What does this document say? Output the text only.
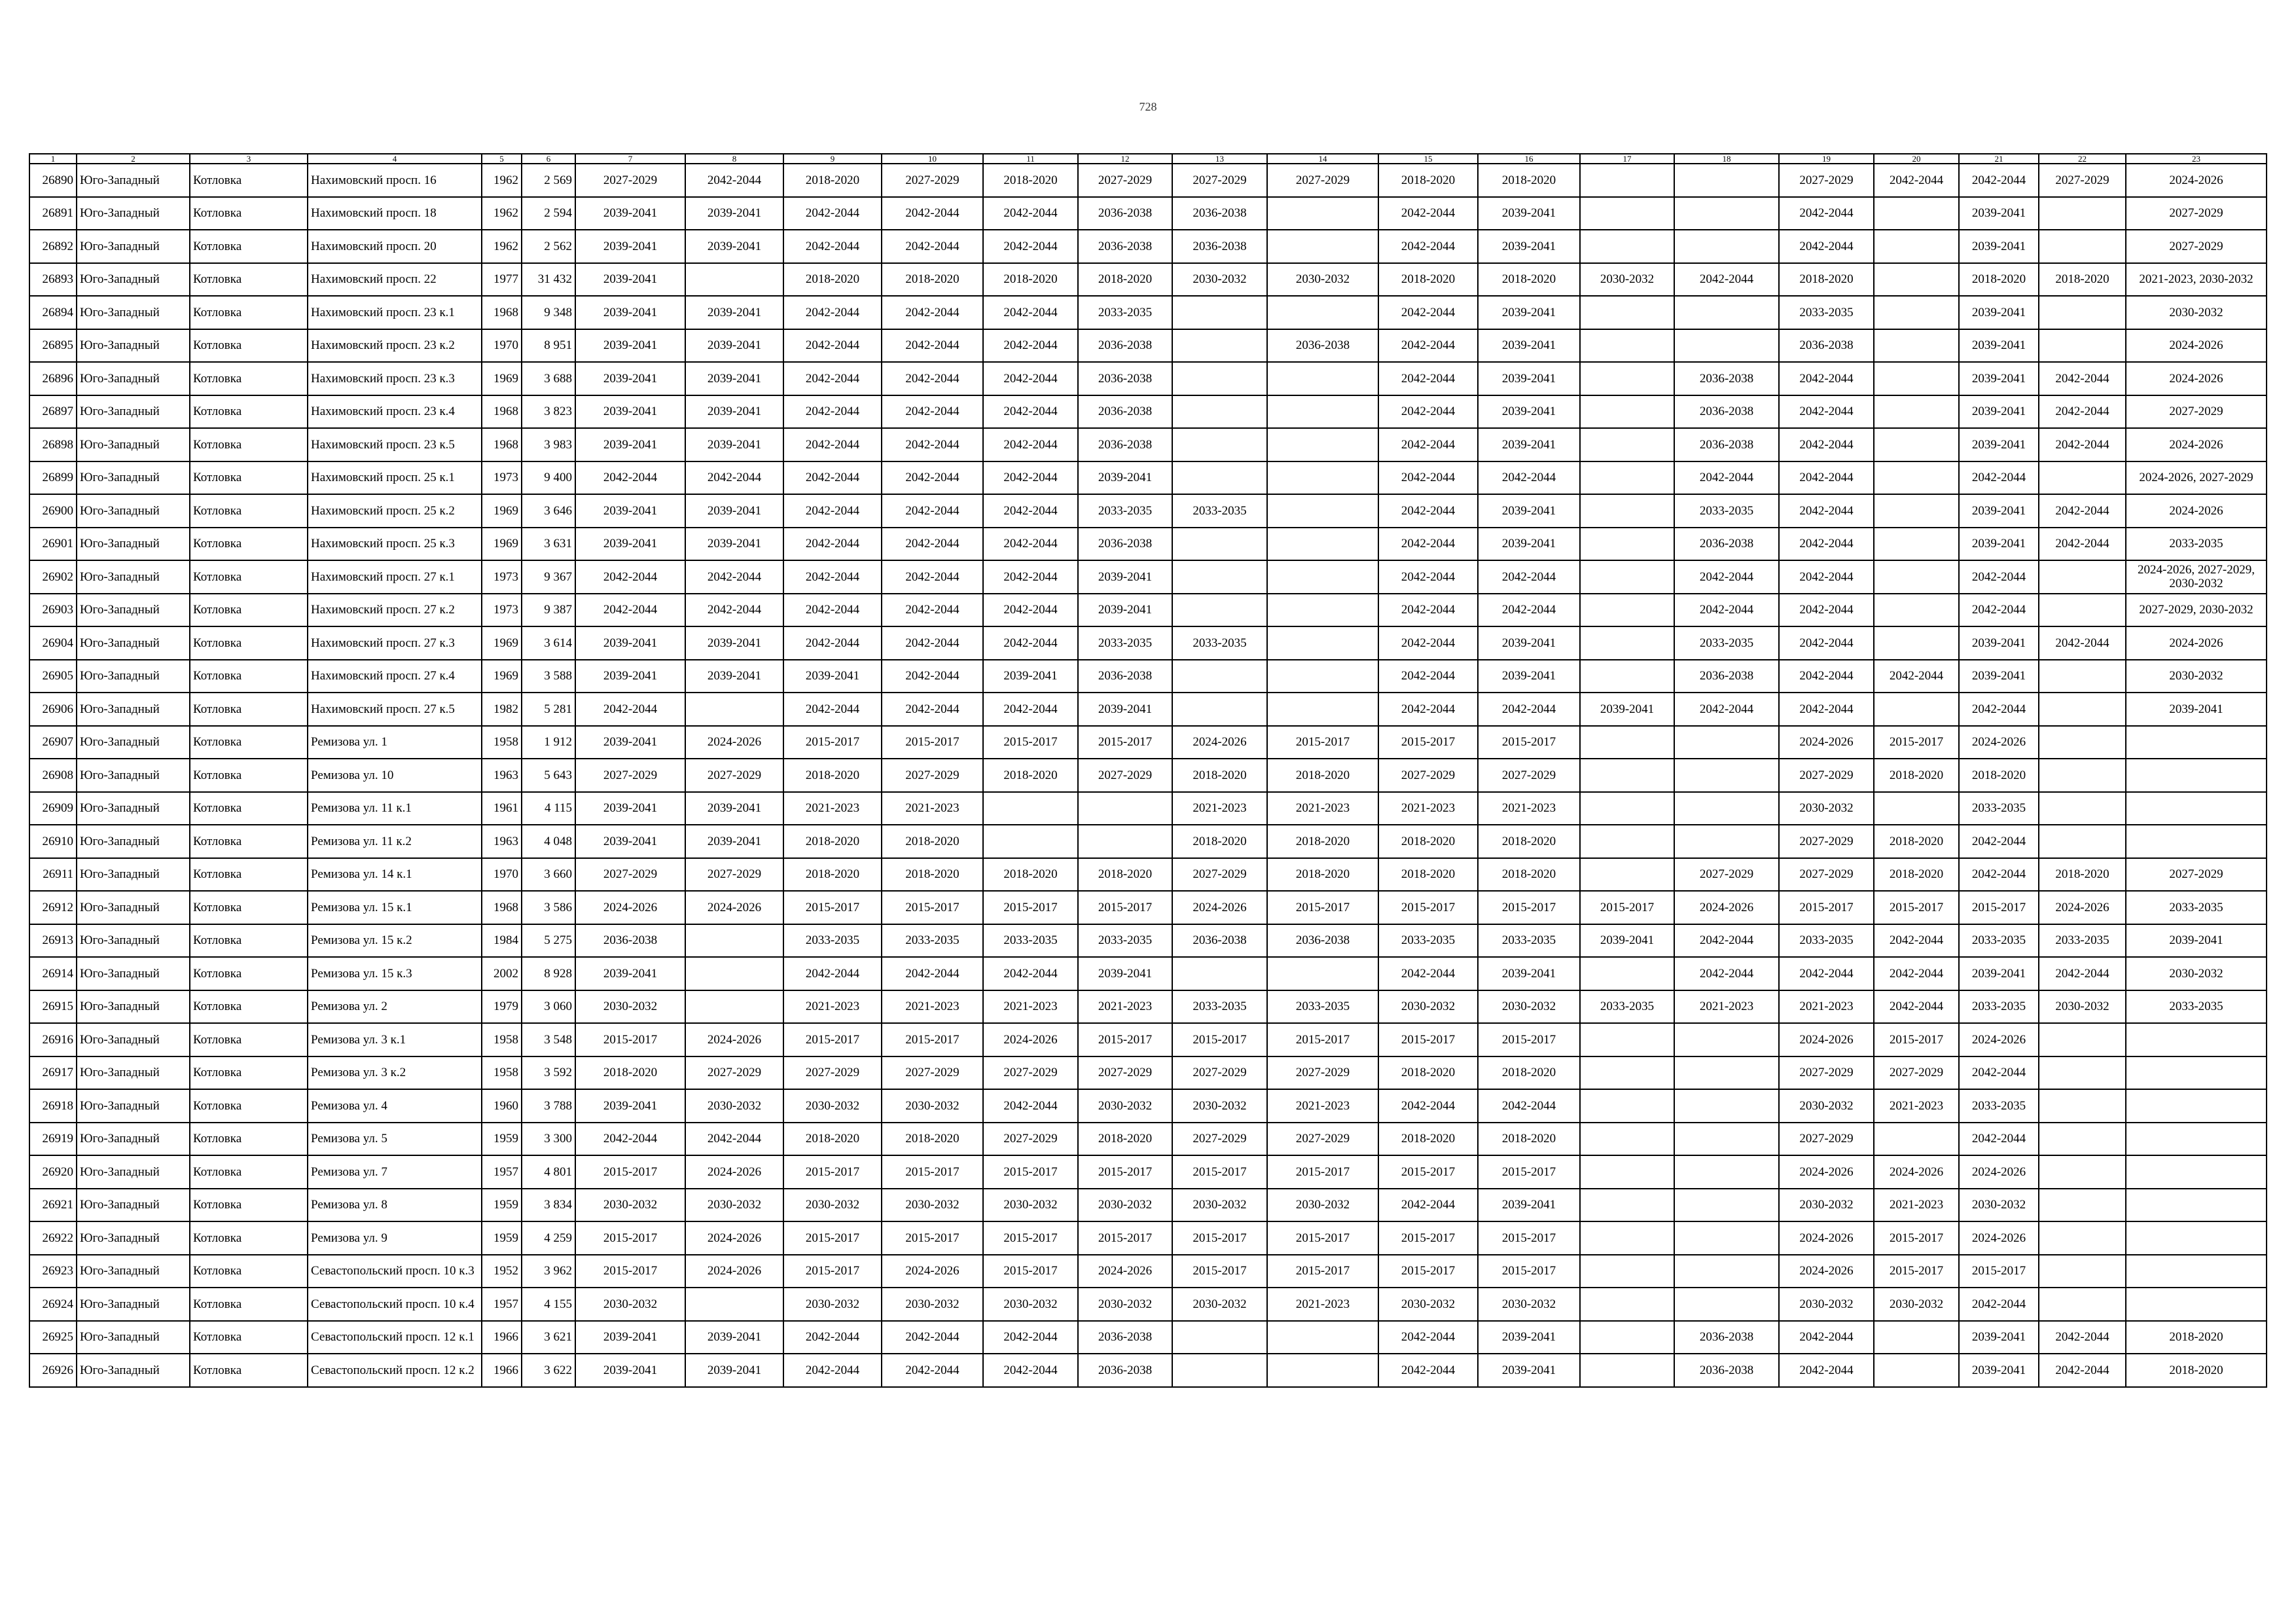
728
1	2	3	4	5	6	7	8	9	10	11	12	13	14	15	16	17	18	19	20	21	22	23
26890	Юго-Западный	Котловка	Нахимовский просп. 16	1962	2 569	2027-2029	2042-2044	2018-2020	2027-2029	2018-2020	2027-2029	2027-2029	2027-2029	2018-2020	2018-2020			2027-2029	2042-2044	2042-2044	2027-2029	2024-2026
26891	Юго-Западный	Котловка	Нахимовский просп. 18	1962	2 594	2039-2041	2039-2041	2042-2044	2042-2044	2042-2044	2036-2038	2036-2038		2042-2044	2039-2041			2042-2044		2039-2041		2027-2029
26892	Юго-Западный	Котловка	Нахимовский просп. 20	1962	2 562	2039-2041	2039-2041	2042-2044	2042-2044	2042-2044	2036-2038	2036-2038		2042-2044	2039-2041			2042-2044		2039-2041		2027-2029
26893	Юго-Западный	Котловка	Нахимовский просп. 22	1977	31 432	2039-2041		2018-2020	2018-2020	2018-2020	2018-2020	2030-2032	2030-2032	2018-2020	2018-2020	2030-2032	2042-2044	2018-2020		2018-2020	2018-2020	2021-2023, 2030-2032
26894	Юго-Западный	Котловка	Нахимовский просп. 23 к.1	1968	9 348	2039-2041	2039-2041	2042-2044	2042-2044	2042-2044	2033-2035			2042-2044	2039-2041			2033-2035		2039-2041		2030-2032
26895	Юго-Западный	Котловка	Нахимовский просп. 23 к.2	1970	8 951	2039-2041	2039-2041	2042-2044	2042-2044	2042-2044	2036-2038		2036-2038	2042-2044	2039-2041			2036-2038		2039-2041		2024-2026
26896	Юго-Западный	Котловка	Нахимовский просп. 23 к.3	1969	3 688	2039-2041	2039-2041	2042-2044	2042-2044	2042-2044	2036-2038			2042-2044	2039-2041		2036-2038	2042-2044		2039-2041	2042-2044	2024-2026
26897	Юго-Западный	Котловка	Нахимовский просп. 23 к.4	1968	3 823	2039-2041	2039-2041	2042-2044	2042-2044	2042-2044	2036-2038			2042-2044	2039-2041		2036-2038	2042-2044		2039-2041	2042-2044	2027-2029
26898	Юго-Западный	Котловка	Нахимовский просп. 23 к.5	1968	3 983	2039-2041	2039-2041	2042-2044	2042-2044	2042-2044	2036-2038			2042-2044	2039-2041		2036-2038	2042-2044		2039-2041	2042-2044	2024-2026
26899	Юго-Западный	Котловка	Нахимовский просп. 25 к.1	1973	9 400	2042-2044	2042-2044	2042-2044	2042-2044	2042-2044	2039-2041			2042-2044	2042-2044		2042-2044	2042-2044		2042-2044		2024-2026, 2027-2029
26900	Юго-Западный	Котловка	Нахимовский просп. 25 к.2	1969	3 646	2039-2041	2039-2041	2042-2044	2042-2044	2042-2044	2033-2035	2033-2035		2042-2044	2039-2041		2033-2035	2042-2044		2039-2041	2042-2044	2024-2026
26901	Юго-Западный	Котловка	Нахимовский просп. 25 к.3	1969	3 631	2039-2041	2039-2041	2042-2044	2042-2044	2042-2044	2036-2038			2042-2044	2039-2041		2036-2038	2042-2044		2039-2041	2042-2044	2033-2035
26902	Юго-Западный	Котловка	Нахимовский просп. 27 к.1	1973	9 367	2042-2044	2042-2044	2042-2044	2042-2044	2042-2044	2039-2041			2042-2044	2042-2044		2042-2044	2042-2044		2042-2044		2024-2026, 2027-2029, 2030-2032
26903	Юго-Западный	Котловка	Нахимовский просп. 27 к.2	1973	9 387	2042-2044	2042-2044	2042-2044	2042-2044	2042-2044	2039-2041			2042-2044	2042-2044		2042-2044	2042-2044		2042-2044		2027-2029, 2030-2032
26904	Юго-Западный	Котловка	Нахимовский просп. 27 к.3	1969	3 614	2039-2041	2039-2041	2042-2044	2042-2044	2042-2044	2033-2035	2033-2035		2042-2044	2039-2041		2033-2035	2042-2044		2039-2041	2042-2044	2024-2026
26905	Юго-Западный	Котловка	Нахимовский просп. 27 к.4	1969	3 588	2039-2041	2039-2041	2039-2041	2042-2044	2039-2041	2036-2038			2042-2044	2039-2041		2036-2038	2042-2044	2042-2044	2039-2041		2030-2032
26906	Юго-Западный	Котловка	Нахимовский просп. 27 к.5	1982	5 281	2042-2044		2042-2044	2042-2044	2042-2044	2039-2041			2042-2044	2042-2044	2039-2041	2042-2044	2042-2044		2042-2044		2039-2041
26907	Юго-Западный	Котловка	Ремизова ул. 1	1958	1 912	2039-2041	2024-2026	2015-2017	2015-2017	2015-2017	2015-2017	2024-2026	2015-2017	2015-2017	2015-2017			2024-2026	2015-2017	2024-2026		
26908	Юго-Западный	Котловка	Ремизова ул. 10	1963	5 643	2027-2029	2027-2029	2018-2020	2027-2029	2018-2020	2027-2029	2018-2020	2018-2020	2027-2029	2027-2029			2027-2029	2018-2020	2018-2020		
26909	Юго-Западный	Котловка	Ремизова ул. 11 к.1	1961	4 115	2039-2041	2039-2041	2021-2023	2021-2023			2021-2023	2021-2023	2021-2023	2021-2023			2030-2032		2033-2035		
26910	Юго-Западный	Котловка	Ремизова ул. 11 к.2	1963	4 048	2039-2041	2039-2041	2018-2020	2018-2020			2018-2020	2018-2020	2018-2020	2018-2020			2027-2029	2018-2020	2042-2044		
26911	Юго-Западный	Котловка	Ремизова ул. 14 к.1	1970	3 660	2027-2029	2027-2029	2018-2020	2018-2020	2018-2020	2018-2020	2027-2029	2018-2020	2018-2020	2018-2020		2027-2029	2027-2029	2018-2020	2042-2044	2018-2020	2027-2029
26912	Юго-Западный	Котловка	Ремизова ул. 15 к.1	1968	3 586	2024-2026	2024-2026	2015-2017	2015-2017	2015-2017	2015-2017	2024-2026	2015-2017	2015-2017	2015-2017	2015-2017	2024-2026	2015-2017	2015-2017	2015-2017	2024-2026	2033-2035
26913	Юго-Западный	Котловка	Ремизова ул. 15 к.2	1984	5 275	2036-2038		2033-2035	2033-2035	2033-2035	2033-2035	2036-2038	2036-2038	2033-2035	2033-2035	2039-2041	2042-2044	2033-2035	2042-2044	2033-2035	2033-2035	2039-2041
26914	Юго-Западный	Котловка	Ремизова ул. 15 к.3	2002	8 928	2039-2041		2042-2044	2042-2044	2042-2044	2039-2041			2042-2044	2039-2041		2042-2044	2042-2044	2042-2044	2039-2041	2042-2044	2030-2032
26915	Юго-Западный	Котловка	Ремизова ул. 2	1979	3 060	2030-2032		2021-2023	2021-2023	2021-2023	2021-2023	2033-2035	2033-2035	2030-2032	2030-2032	2033-2035	2021-2023	2021-2023	2042-2044	2033-2035	2030-2032	2033-2035
26916	Юго-Западный	Котловка	Ремизова ул. 3 к.1	1958	3 548	2015-2017	2024-2026	2015-2017	2015-2017	2024-2026	2015-2017	2015-2017	2015-2017	2015-2017	2015-2017			2024-2026	2015-2017	2024-2026		
26917	Юго-Западный	Котловка	Ремизова ул. 3 к.2	1958	3 592	2018-2020	2027-2029	2027-2029	2027-2029	2027-2029	2027-2029	2027-2029	2027-2029	2018-2020	2018-2020			2027-2029	2027-2029	2042-2044		
26918	Юго-Западный	Котловка	Ремизова ул. 4	1960	3 788	2039-2041	2030-2032	2030-2032	2030-2032	2042-2044	2030-2032	2030-2032	2021-2023	2042-2044	2042-2044			2030-2032	2021-2023	2033-2035		
26919	Юго-Западный	Котловка	Ремизова ул. 5	1959	3 300	2042-2044	2042-2044	2018-2020	2018-2020	2027-2029	2018-2020	2027-2029	2027-2029	2018-2020	2018-2020			2027-2029		2042-2044		
26920	Юго-Западный	Котловка	Ремизова ул. 7	1957	4 801	2015-2017	2024-2026	2015-2017	2015-2017	2015-2017	2015-2017	2015-2017	2015-2017	2015-2017	2015-2017			2024-2026	2024-2026	2024-2026		
26921	Юго-Западный	Котловка	Ремизова ул. 8	1959	3 834	2030-2032	2030-2032	2030-2032	2030-2032	2030-2032	2030-2032	2030-2032	2030-2032	2042-2044	2039-2041			2030-2032	2021-2023	2030-2032		
26922	Юго-Западный	Котловка	Ремизова ул. 9	1959	4 259	2015-2017	2024-2026	2015-2017	2015-2017	2015-2017	2015-2017	2015-2017	2015-2017	2015-2017	2015-2017			2024-2026	2015-2017	2024-2026		
26923	Юго-Западный	Котловка	Севастопольский просп. 10 к.3	1952	3 962	2015-2017	2024-2026	2015-2017	2024-2026	2015-2017	2024-2026	2015-2017	2015-2017	2015-2017	2015-2017			2024-2026	2015-2017	2015-2017		
26924	Юго-Западный	Котловка	Севастопольский просп. 10 к.4	1957	4 155	2030-2032		2030-2032	2030-2032	2030-2032	2030-2032	2030-2032	2021-2023	2030-2032	2030-2032			2030-2032	2030-2032	2042-2044		
26925	Юго-Западный	Котловка	Севастопольский просп. 12 к.1	1966	3 621	2039-2041	2039-2041	2042-2044	2042-2044	2042-2044	2036-2038			2042-2044	2039-2041		2036-2038	2042-2044		2039-2041	2042-2044	2018-2020
26926	Юго-Западный	Котловка	Севастопольский просп. 12 к.2	1966	3 622	2039-2041	2039-2041	2042-2044	2042-2044	2042-2044	2036-2038			2042-2044	2039-2041		2036-2038	2042-2044		2039-2041	2042-2044	2018-2020
